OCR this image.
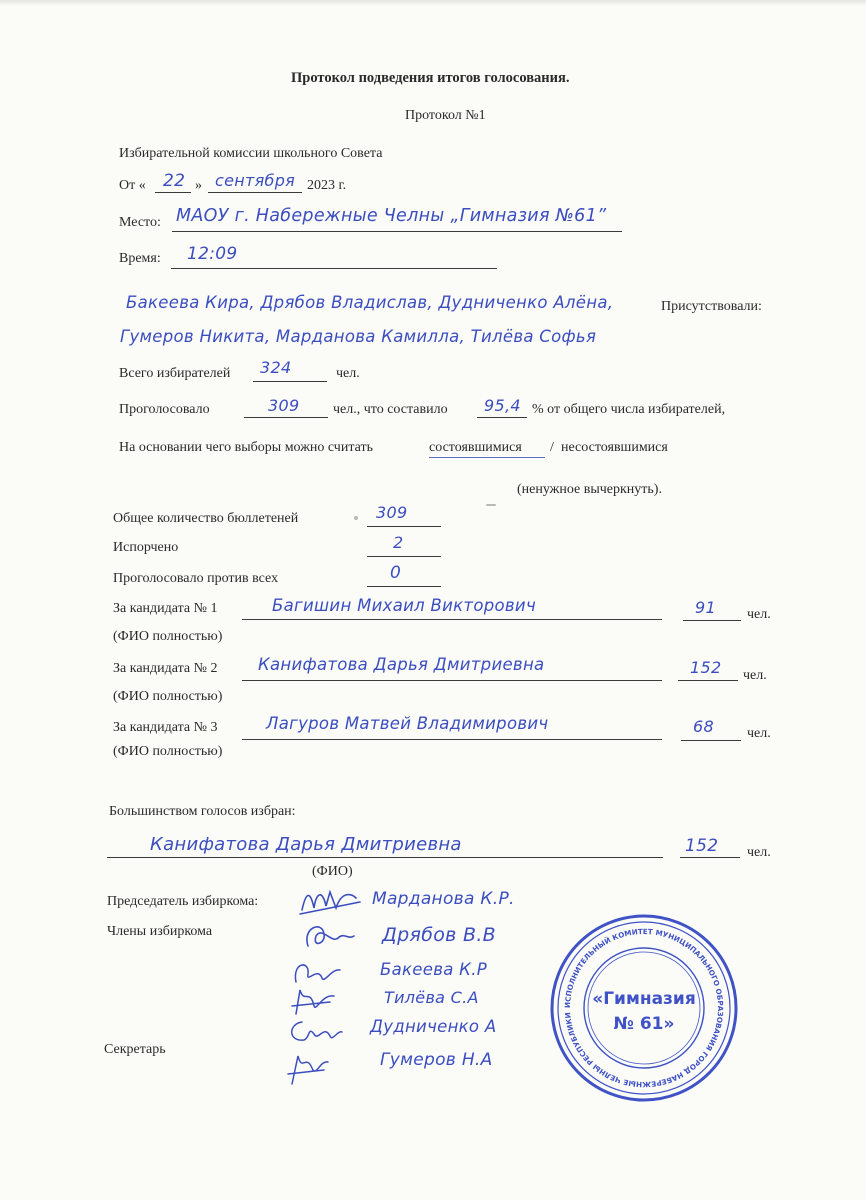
Протокол подведения итогов голосования.
Протокол №1
Избирательной комиссии школьного Совета
От « 22 » сентября 2023 г.
Место: МАОУ г. Набережные Челны „Гимназия №61”
Время: 12:09
Бакеева Кира, Дрябов Владислав, Дудниченко Алёна,	Присутствовали:
Гумеров Никита, Марданова Камилла, Тилёва Софья
Всего избирателей 324	чел.
Проголосовало	309 чел., что составило 95,4 % от общего числа избирателей,
На основании чего выборы можно считать	состоявшимися / несостоявшимися
(ненужное вычеркнуть).
Общее количество бюллетеней	309
Испорчено	2
Проголосовало против всех	0
За кандидата № 1	Багишин Михаил Викторович	91 чел.
(ФИО полностью)
За кандидата № 2 Канифатова Дарья Дмитриевна	152 чел.
(ФИО полностью)
За кандидата № 3	Лагуров Матвей Владимирович	68 чел.
(ФИО полностью)
Большинством голосов избран:
Канифатова Дарья Дмитриевна	152 чел.
(ФИО)
Председатель избиркома:	Марданова К.Р.
Члены избиркома	Дрябов В.В
Бакеева К.Р
Тилёва С.А
Дудниченко А
Секретарь
Гумеров Н.А
ИСПОЛНИТЕЛЬНЫЙ КОМИТЕТ МУНИЦИПАЛЬНОГО ОБРАЗОВАНИЯ ГОРОД НАБЕРЕЖНЫЕ ЧЕЛНЫ РЕСПУБЛИКИ
«Гимназия
№ 61»
